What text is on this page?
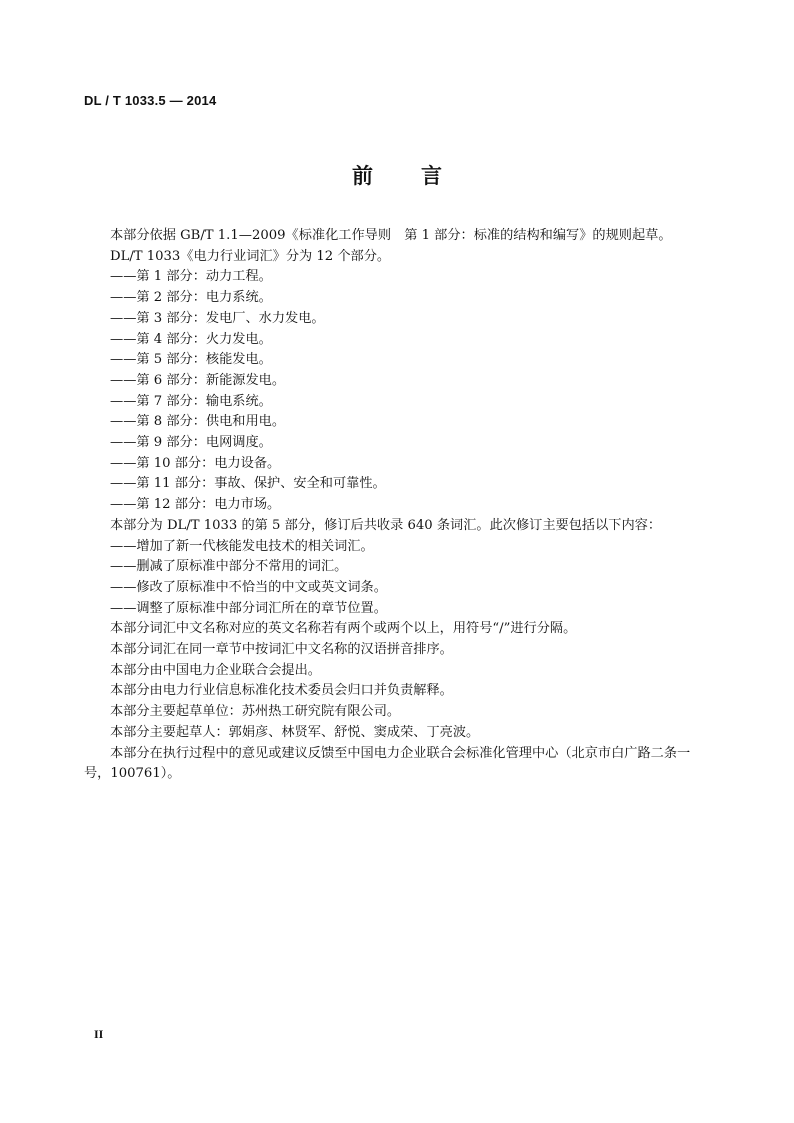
DL / T 1033.5 — 2014
前言

本部分依据 GB/T 1.1—2009《标准化工作导则　第 1 部分：标准的结构和编写》的规则起草。

DL/T 1033《电力行业词汇》分为 12 个部分。

——第 1 部分：动力工程。

——第 2 部分：电力系统。

——第 3 部分：发电厂、水力发电。

——第 4 部分：火力发电。

——第 5 部分：核能发电。

——第 6 部分：新能源发电。

——第 7 部分：输电系统。

——第 8 部分：供电和用电。

——第 9 部分：电网调度。

——第 10 部分：电力设备。

——第 11 部分：事故、保护、安全和可靠性。

——第 12 部分：电力市场。

本部分为 DL/T 1033 的第 5 部分，修订后共收录 640 条词汇。此次修订主要包括以下内容：

——增加了新一代核能发电技术的相关词汇。

——删减了原标准中部分不常用的词汇。

——修改了原标准中不恰当的中文或英文词条。

——调整了原标准中部分词汇所在的章节位置。

本部分词汇中文名称对应的英文名称若有两个或两个以上，用符号“/”进行分隔。

本部分词汇在同一章节中按词汇中文名称的汉语拼音排序。

本部分由中国电力企业联合会提出。

本部分由电力行业信息标准化技术委员会归口并负责解释。

本部分主要起草单位：苏州热工研究院有限公司。

本部分主要起草人：郭娟彦、林贤军、舒悦、窦成荣、丁亮波。

本部分在执行过程中的意见或建议反馈至中国电力企业联合会标准化管理中心（北京市白广路二条一号，100761）。

II
